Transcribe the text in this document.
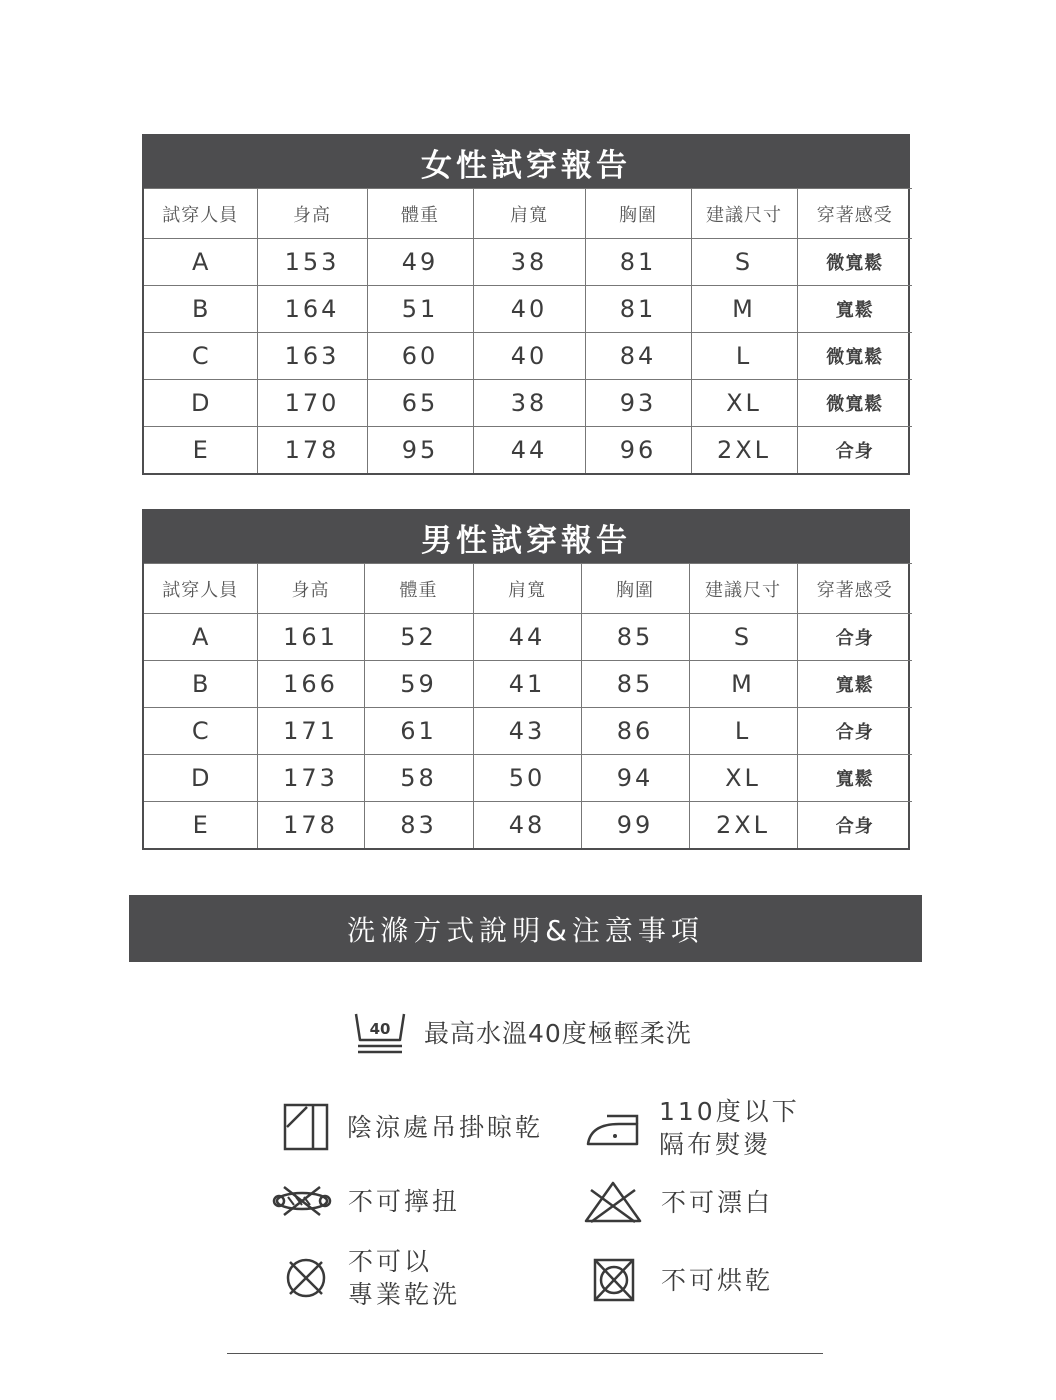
女性試穿報告
試穿人員	身高	體重	肩寬	胸圍	建議尺寸	穿著感受
A	153	49	38	81	S	微寬鬆
B	164	51	40	81	M	寬鬆
C	163	60	40	84	L	微寬鬆
D	170	65	38	93	XL	微寬鬆
E	178	95	44	96	2XL	合身
男性試穿報告
試穿人員	身高	體重	肩寬	胸圍	建議尺寸	穿著感受
A	161	52	44	85	S	合身
B	166	59	41	85	M	寬鬆
C	171	61	43	86	L	合身
D	173	58	50	94	XL	寬鬆
E	178	83	48	99	2XL	合身
洗滌方式說明&注意事項
40 最高水溫40度極輕柔洗
陰涼處吊掛晾乾
110度以下
隔布熨燙
不可擰扭	不可漂白
不可以
專業乾洗	不可烘乾
